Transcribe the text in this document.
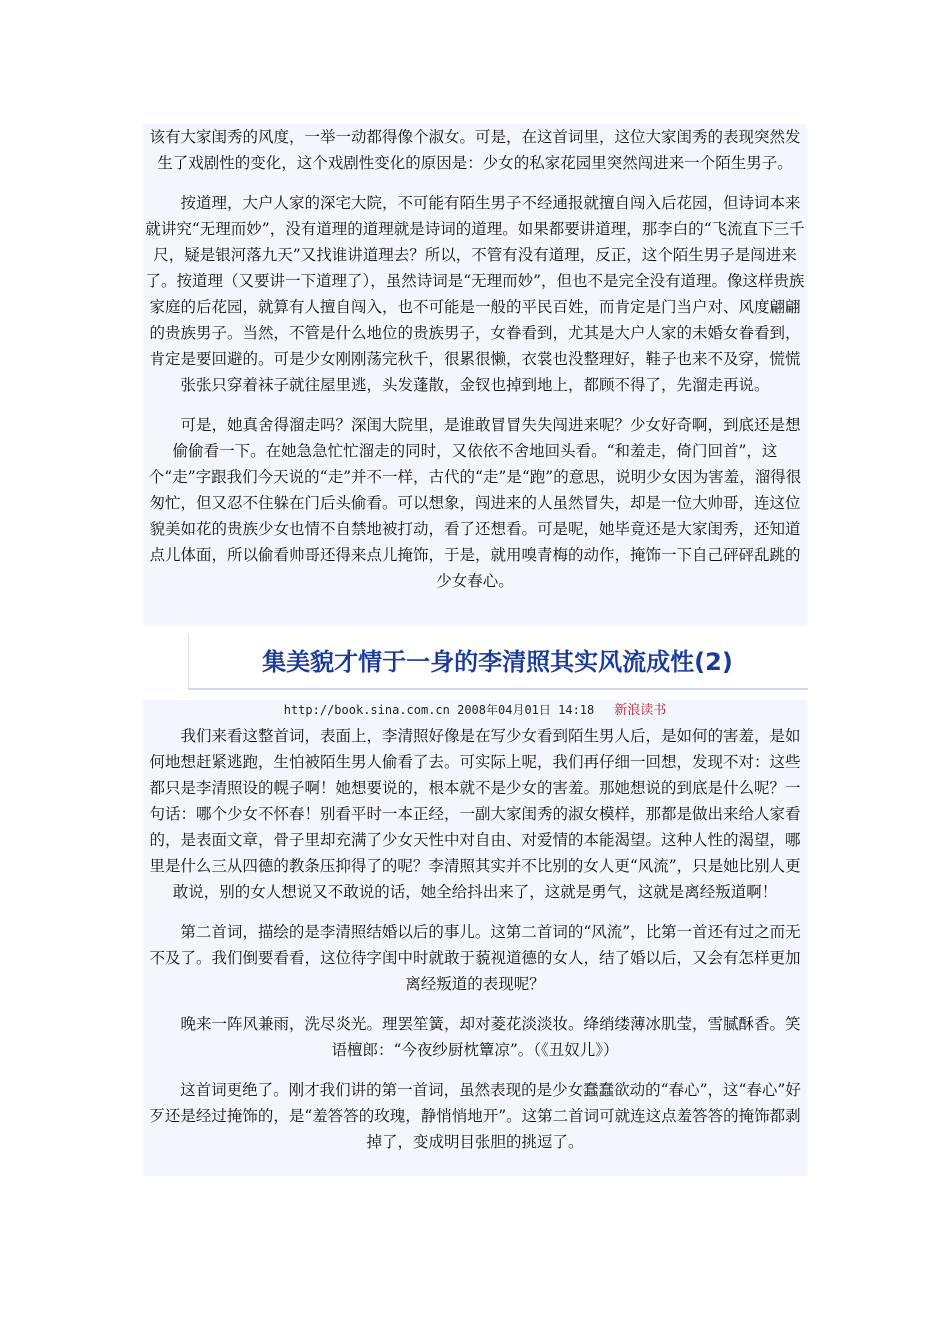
该有大家闺秀的风度，一举一动都得像个淑女。可是，在这首词里，这位大家闺秀的表现突然发生了戏剧性的变化，这个戏剧性变化的原因是：少女的私家花园里突然闯进来一个陌生男子。

按道理，大户人家的深宅大院，不可能有陌生男子不经通报就擅自闯入后花园，但诗词本来就讲究“无理而妙”，没有道理的道理就是诗词的道理。如果都要讲道理，那李白的“飞流直下三千尺，疑是银河落九天”又找谁讲道理去？所以，不管有没有道理，反正，这个陌生男子是闯进来了。按道理（又要讲一下道理了），虽然诗词是“无理而妙”，但也不是完全没有道理。像这样贵族家庭的后花园，就算有人擅自闯入，也不可能是一般的平民百姓，而肯定是门当户对、风度翩翩的贵族男子。当然，不管是什么地位的贵族男子，女眷看到，尤其是大户人家的未婚女眷看到，肯定是要回避的。可是少女刚刚荡完秋千，很累很懒，衣裳也没整理好，鞋子也来不及穿，慌慌张张只穿着袜子就往屋里逃，头发蓬散，金钗也掉到地上，都顾不得了，先溜走再说。

可是，她真舍得溜走吗？深闺大院里，是谁敢冒冒失失闯进来呢？少女好奇啊，到底还是想偷偷看一下。在她急急忙忙溜走的同时，又依依不舍地回头看。“和羞走，倚门回首”，这个“走”字跟我们今天说的“走”并不一样，古代的“走”是“跑”的意思，说明少女因为害羞，溜得很匆忙，但又忍不住躲在门后头偷看。可以想象，闯进来的人虽然冒失，却是一位大帅哥，连这位貌美如花的贵族少女也情不自禁地被打动，看了还想看。可是呢，她毕竟还是大家闺秀，还知道点儿体面，所以偷看帅哥还得来点儿掩饰，于是，就用嗅青梅的动作，掩饰一下自己砰砰乱跳的少女春心。

集美貌才情于一身的李清照其实风流成性(2)

http://book.sina.com.cn 2008年04月01日 14:18 新浪读书

我们来看这整首词，表面上，李清照好像是在写少女看到陌生男人后，是如何的害羞，是如何地想赶紧逃跑，生怕被陌生男人偷看了去。可实际上呢，我们再仔细一回想，发现不对：这些都只是李清照设的幌子啊！她想要说的，根本就不是少女的害羞。那她想说的到底是什么呢？一句话：哪个少女不怀春！别看平时一本正经，一副大家闺秀的淑女模样，那都是做出来给人家看的，是表面文章，骨子里却充满了少女天性中对自由、对爱情的本能渴望。这种人性的渴望，哪里是什么三从四德的教条压抑得了的呢？李清照其实并不比别的女人更“风流”，只是她比别人更敢说，别的女人想说又不敢说的话，她全给抖出来了，这就是勇气，这就是离经叛道啊！

第二首词，描绘的是李清照结婚以后的事儿。这第二首词的“风流”，比第一首还有过之而无不及了。我们倒要看看，这位待字闺中时就敢于藐视道德的女人，结了婚以后，又会有怎样更加离经叛道的表现呢？

晚来一阵风兼雨，洗尽炎光。理罢笙簧，却对菱花淡淡妆。绛绡缕薄冰肌莹，雪腻酥香。笑语檀郎：“今夜纱厨枕簟凉”。（《丑奴儿》）

这首词更绝了。刚才我们讲的第一首词，虽然表现的是少女蠢蠢欲动的“春心”，这“春心”好歹还是经过掩饰的，是“羞答答的玫瑰，静悄悄地开”。这第二首词可就连这点羞答答的掩饰都剥掉了，变成明目张胆的挑逗了。
